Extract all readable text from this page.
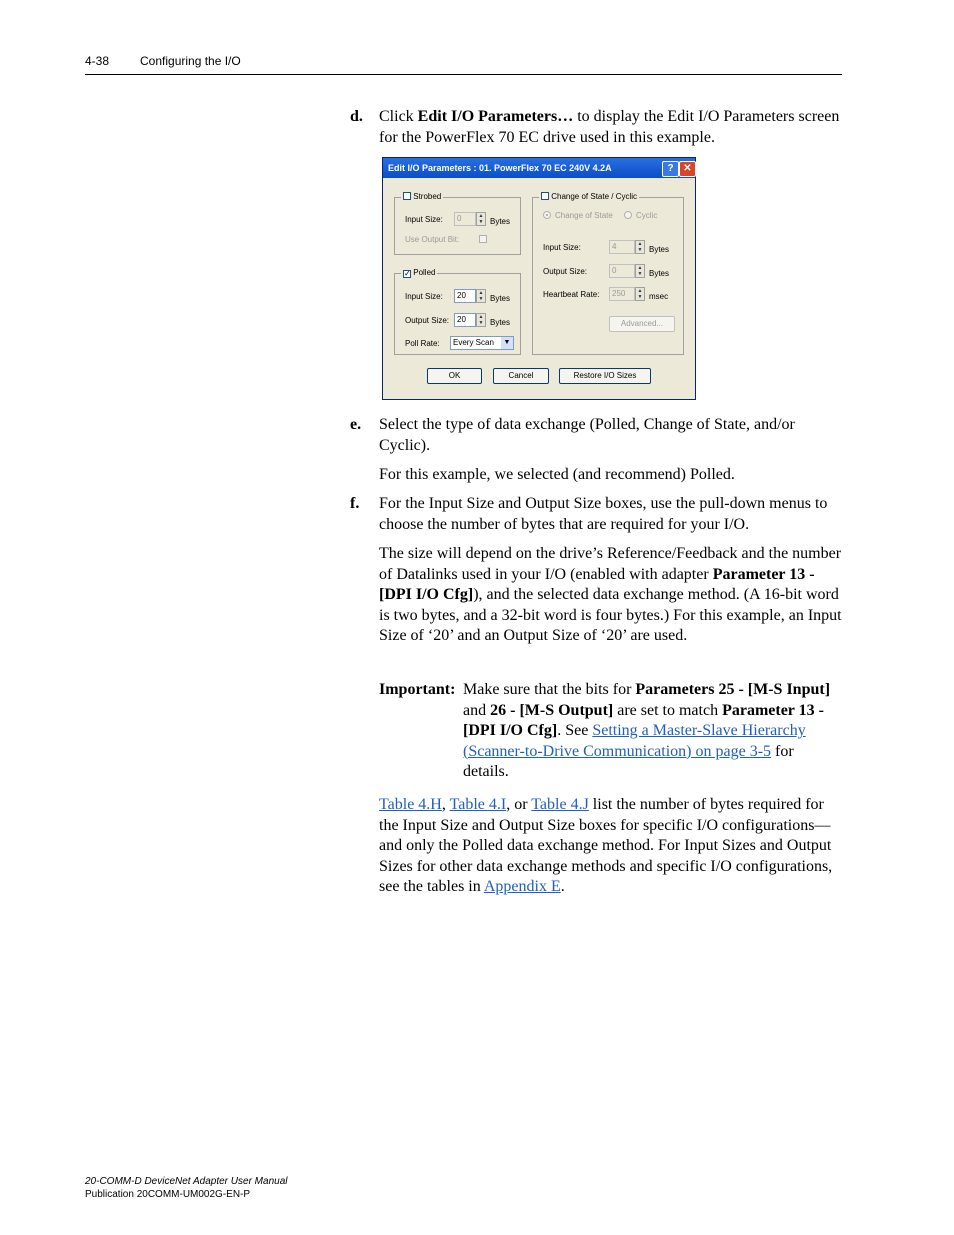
4-38	Configuring the I/O
d. Click Edit I/O Parameters… to display the Edit I/O Parameters screen for the PowerFlex 70 EC drive used in this example.
Edit I/O Parameters : 01. PowerFlex 70 EC 240V 4.2A	? ✕
Strobed
Input Size:	0	▲
▼ Bytes
Use Output Bit:
✓ Polled
Input Size:	20	▲
▼ Bytes
Output Size: 20	▲
▼ Bytes
Poll Rate:	Every Scan	▼
Change of State / Cyclic
Change of State	Cyclic
Input Size:	4	▲
▼ Bytes
Output Size:	0	▲
▼ Bytes
Heartbeat Rate:	250	▲
▼ msec
Advanced...
OK	Cancel	Restore I/O Sizes
e. Select the type of data exchange (Polled, Change of State, and/or Cyclic).
For this example, we selected (and recommend) Polled.
f. For the Input Size and Output Size boxes, use the pull-down menus to choose the number of bytes that are required for your I/O.
The size will depend on the drive’s Reference/Feedback and the number of Datalinks used in your I/O (enabled with adapter Parameter 13 - [DPI I/O Cfg]), and the selected data exchange method. (A 16-bit word is two bytes, and a 32-bit word is four bytes.) For this example, an Input Size of ‘20’ and an Output Size of ‘20’ are used.
Important: Make sure that the bits for Parameters 25 - [M-S Input] and 26 - [M-S Output] are set to match Parameter 13 - [DPI I/O Cfg]. See Setting a Master-Slave Hierarchy (Scanner-to-Drive Communication) on page 3-5 for details.
Table 4.H, Table 4.I, or Table 4.J list the number of bytes required for the Input Size and Output Size boxes for specific I/O configurations—and only the Polled data exchange method. For Input Sizes and Output Sizes for other data exchange methods and specific I/O configurations, see the tables in Appendix E.
20-COMM-D DeviceNet Adapter User Manual
Publication 20COMM-UM002G-EN-P
